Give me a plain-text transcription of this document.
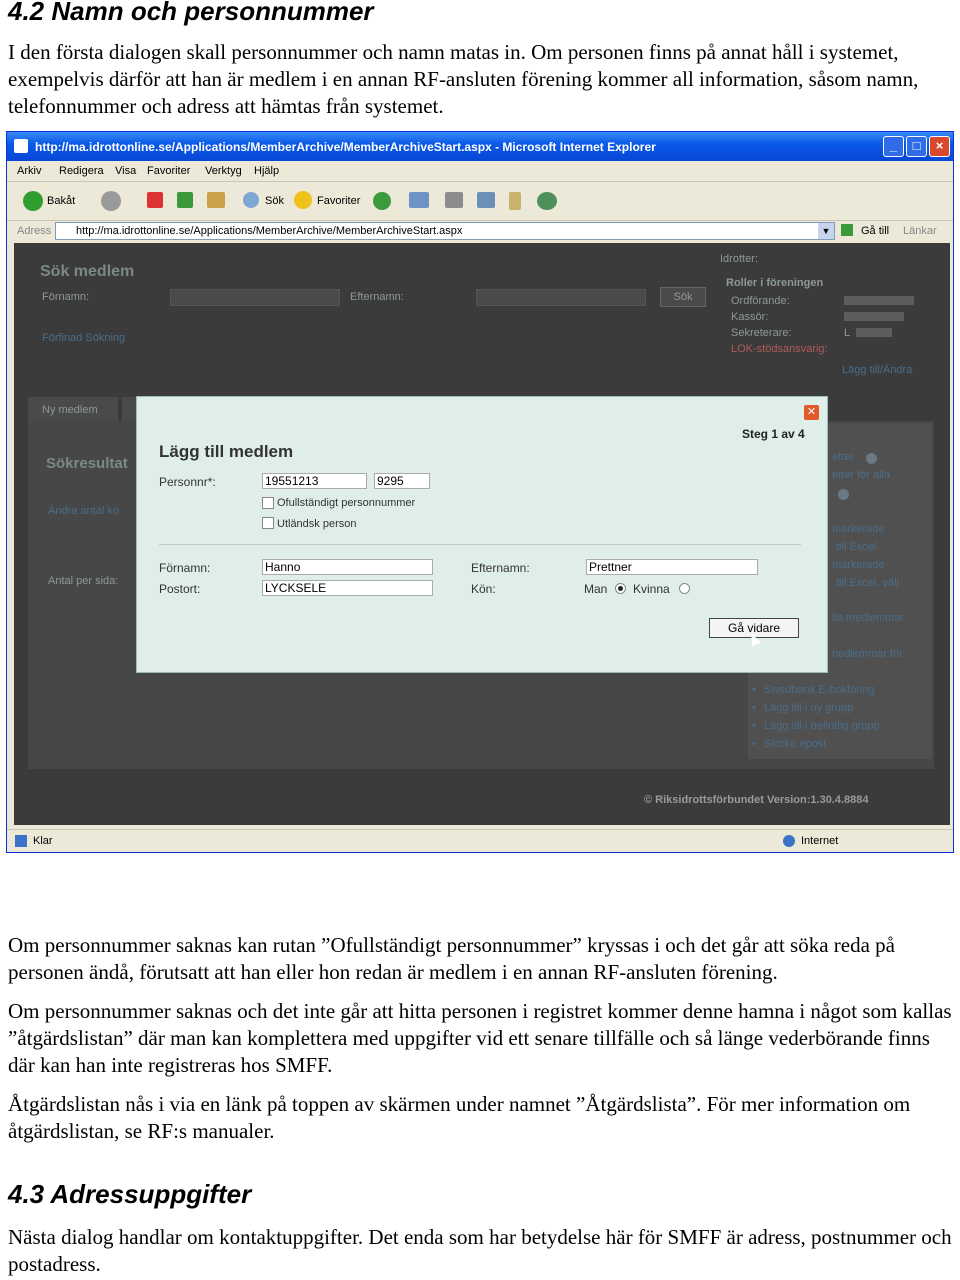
4.2 Namn och personnummer
I den första dialogen skall personnummer och namn matas in. Om personen finns på annat håll i systemet, exempelvis därför att han är medlem i en annan RF-ansluten förening kommer all information, såsom namn, telefonnummer och adress att hämtas från systemet.
http://ma.idrottonline.se/Applications/MemberArchive/MemberArchiveStart.aspx - Microsoft Internet Explorer	_	□	×
Arkiv Redigera Visa Favoriter Verktyg Hjälp
Bakåt	Sök	Favoriter
Adress http://ma.idrottonline.se/Applications/MemberArchive/MemberArchiveStart.aspx	▼	Gå till Länkar
Sök medlem
Förnamn:	Efternamn:	Sök
Förfinad Sökning
Idrotter:
Roller i föreningen
Ordförande:
Kassör:
Sekreterare:	L
LOK-stödsansvarig:
Lägg till/Ändra
Ny medlem
Sökresultat
Ändra antal ko
Antal per sida:
etter
etter för alla
markerade
till Excel
markerade
till Excel, välj
lla medlemmar
nedlemmar för
• Swedbank E-bokföring
• Lägg till i ny grupp
• Lägg till i befintlig grupp
• Skicka epost
© Riksidrottsförbundet Version:1.30.4.8884
✕
Steg 1 av 4
Lägg till medlem
Personnr*:	19551213	9295
Ofullständigt personnummer
Utländsk person
Förnamn:	Hanno	Efternamn:	Prettner
Postort:	LYCKSELE	Kön:	Man Kvinna
Gå vidare
Klar	Internet
Om personnummer saknas kan rutan ”Ofullständigt personnummer” kryssas i och det går att söka reda på personen ändå, förutsatt att han eller hon redan är medlem i en annan RF-ansluten förening.
Om personnummer saknas och det inte går att hitta personen i registret kommer denne hamna i något som kallas ”åtgärdslistan” där man kan komplettera med uppgifter vid ett senare tillfälle och så länge vederbörande finns där kan han inte registreras hos SMFF.
Åtgärdslistan nås i via en länk på toppen av skärmen under namnet ”Åtgärdslista”. För mer information om åtgärdslistan, se RF:s manualer.
4.3 Adressuppgifter
Nästa dialog handlar om kontaktuppgifter. Det enda som har betydelse här för SMFF är adress, postnummer och postadress.
